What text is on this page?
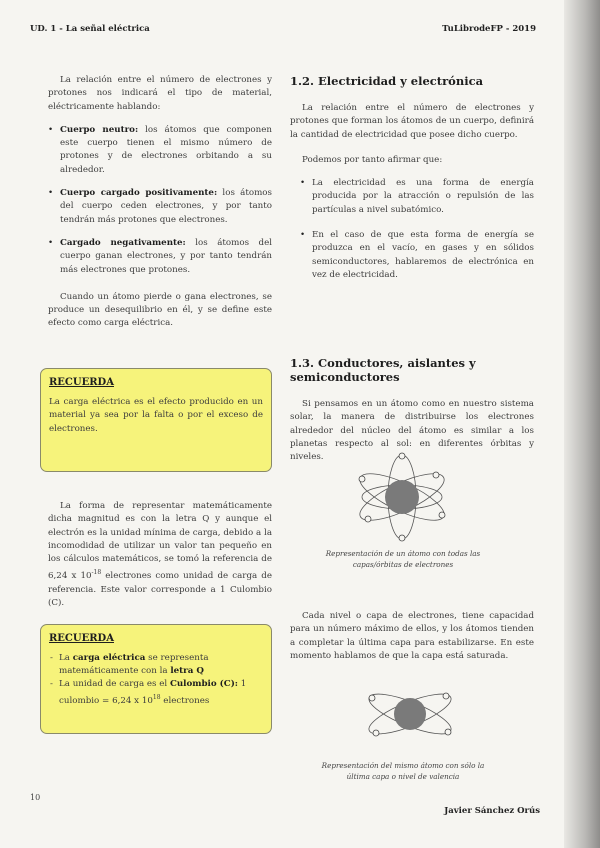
UD. 1 - La señal eléctrica	TuLibrodeFP - 2019

La relación entre el número de electrones y protones nos indicará el tipo de material, eléctricamente hablando:

• Cuerpo neutro: los átomos que componen este cuerpo tienen el mismo número de protones y de electrones orbitando a su alrededor.
• Cuerpo cargado positivamente: los átomos del cuerpo ceden electrones, y por tanto tendrán más protones que electrones.
• Cargado negativamente: los átomos del cuerpo ganan electrones, y por tanto tendrán más electrones que protones.

Cuando un átomo pierde o gana electrones, se produce un desequilibrio en él, y se define este efecto como carga eléctrica.

RECUERDA

La carga eléctrica es el efecto producido en un material ya sea por la falta o por el exceso de electrones.

La forma de representar matemáticamente dicha magnitud es con la letra Q y aunque el electrón es la unidad mínima de carga, debido a la incomodidad de utilizar un valor tan pequeño en los cálculos matemáticos, se tomó la referencia de 6,24 x $10^{-18}$ electrones como unidad de carga de referencia. Este valor corresponde a 1 Culombio (C).

RECUERDA
- La carga eléctrica se representa matemáticamente con la letra Q
- La unidad de carga es el Culombio (C): 1 culombio = 6,24 x $10^{18}$ electrones
1.2. Electricidad y electrónica

La relación entre el número de electrones y protones que forman los átomos de un cuerpo, definirá la cantidad de electricidad que posee dicho cuerpo.

Podemos por tanto afirmar que:

• La electricidad es una forma de energía producida por la atracción o repulsión de las partículas a nivel subatómico.
• En el caso de que esta forma de energía se produzca en el vacío, en gases y en sólidos semiconductores, hablaremos de electrónica en vez de electricidad.
1.3. Conductores, aislantes y semiconductores

Si pensamos en un átomo como en nuestro sistema solar, la manera de distribuirse los electrones alrededor del núcleo del átomo es similar a los planetas respecto al sol: en diferentes órbitas y niveles.

Representación de un átomo con todas las capas/órbitas de electrones

Cada nivel o capa de electrones, tiene capacidad para un número máximo de ellos, y los átomos tienden a completar la última capa para estabilizarse. En este momento hablamos de que la capa está saturada.

Representación del mismo átomo con sólo la última capa o nivel de valencia
10
Javier Sánchez Orús
